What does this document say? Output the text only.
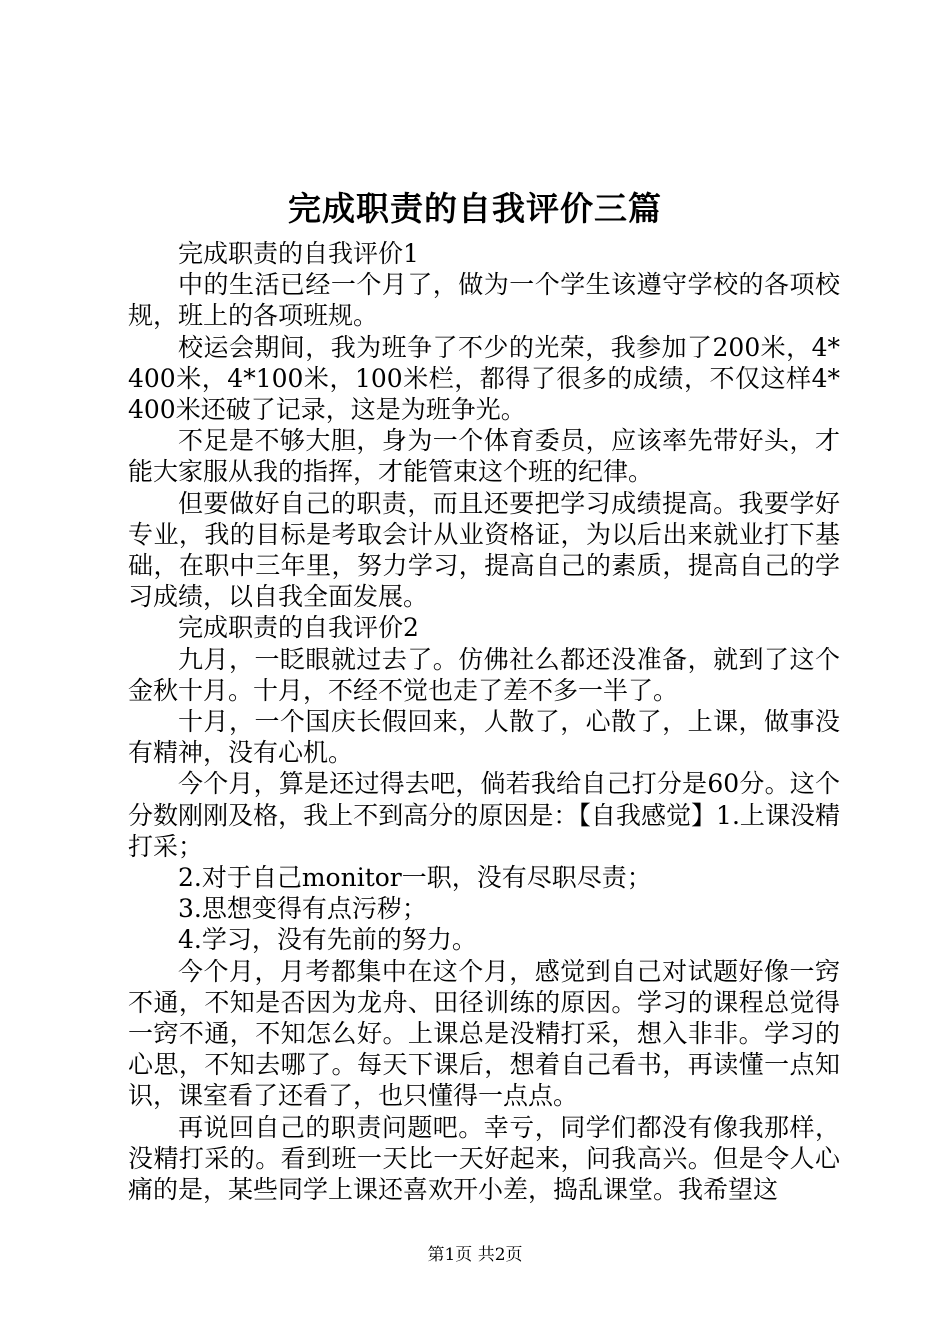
完成职责的自我评价三篇

完成职责的自我评价1

中的生活已经一个月了，做为一个学生该遵守学校的各项校规，班上的各项班规。

校运会期间，我为班争了不少的光荣，我参加了200米，4*400米，4*100米，100米栏，都得了很多的成绩，不仅这样4*400米还破了记录，这是为班争光。

不足是不够大胆，身为一个体育委员，应该率先带好头，才能大家服从我的指挥，才能管束这个班的纪律。

但要做好自己的职责，而且还要把学习成绩提高。我要学好专业，我的目标是考取会计从业资格证，为以后出来就业打下基础，在职中三年里，努力学习，提高自己的素质，提高自己的学习成绩，以自我全面发展。

完成职责的自我评价2

九月，一眨眼就过去了。仿佛社么都还没准备，就到了这个金秋十月。十月，不经不觉也走了差不多一半了。

十月，一个国庆长假回来，人散了，心散了，上课，做事没有精神，没有心机。

今个月，算是还过得去吧，倘若我给自己打分是60分。这个分数刚刚及格，我上不到高分的原因是：【自我感觉】1.上课没精打采；

2.对于自己monitor一职，没有尽职尽责；

3.思想变得有点污秽；

4.学习，没有先前的努力。

今个月，月考都集中在这个月，感觉到自己对试题好像一窍不通，不知是否因为龙舟、田径训练的原因。学习的课程总觉得一窍不通，不知怎么好。上课总是没精打采，想入非非。学习的心思，不知去哪了。每天下课后，想着自己看书，再读懂一点知识，课室看了还看了，也只懂得一点点。

再说回自己的职责问题吧。幸亏，同学们都没有像我那样，没精打采的。看到班一天比一天好起来，问我高兴。但是令人心痛的是，某些同学上课还喜欢开小差，捣乱课堂。我希望这

第1页 共2页
